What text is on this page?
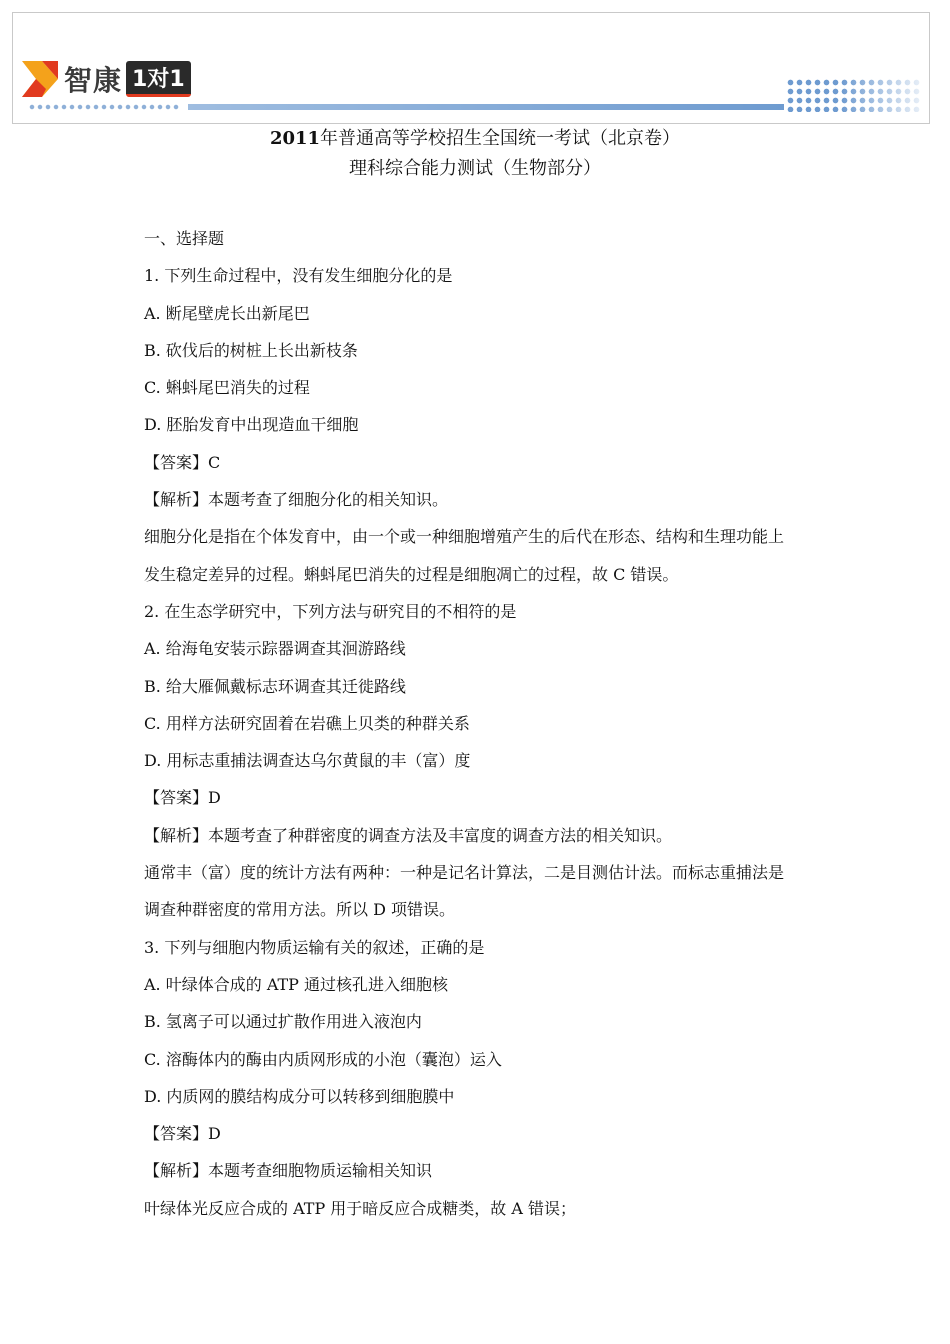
智康 1对1
2011年普通高等学校招生全国统一考试（北京卷）
理科综合能力测试（生物部分）
一、选择题
1. 下列生命过程中，没有发生细胞分化的是
A. 断尾壁虎长出新尾巴
B. 砍伐后的树桩上长出新枝条
C. 蝌蚪尾巴消失的过程
D. 胚胎发育中出现造血干细胞
【答案】C
【解析】本题考查了细胞分化的相关知识。
细胞分化是指在个体发育中，由一个或一种细胞增殖产生的后代在形态、结构和生理功能上
发生稳定差异的过程。蝌蚪尾巴消失的过程是细胞凋亡的过程，故 C 错误。
2. 在生态学研究中，下列方法与研究目的不相符的是
A. 给海龟安装示踪器调查其洄游路线
B. 给大雁佩戴标志环调查其迁徙路线
C. 用样方法研究固着在岩礁上贝类的种群关系
D. 用标志重捕法调查达乌尔黄鼠的丰（富）度
【答案】D
【解析】本题考查了种群密度的调查方法及丰富度的调查方法的相关知识。
通常丰（富）度的统计方法有两种：一种是记名计算法，二是目测估计法。而标志重捕法是
调查种群密度的常用方法。所以 D 项错误。
3. 下列与细胞内物质运输有关的叙述，正确的是
A. 叶绿体合成的 ATP 通过核孔进入细胞核
B. 氢离子可以通过扩散作用进入液泡内
C. 溶酶体内的酶由内质网形成的小泡（囊泡）运入
D. 内质网的膜结构成分可以转移到细胞膜中
【答案】D
【解析】本题考查细胞物质运输相关知识
叶绿体光反应合成的 ATP 用于暗反应合成糖类，故 A 错误；
